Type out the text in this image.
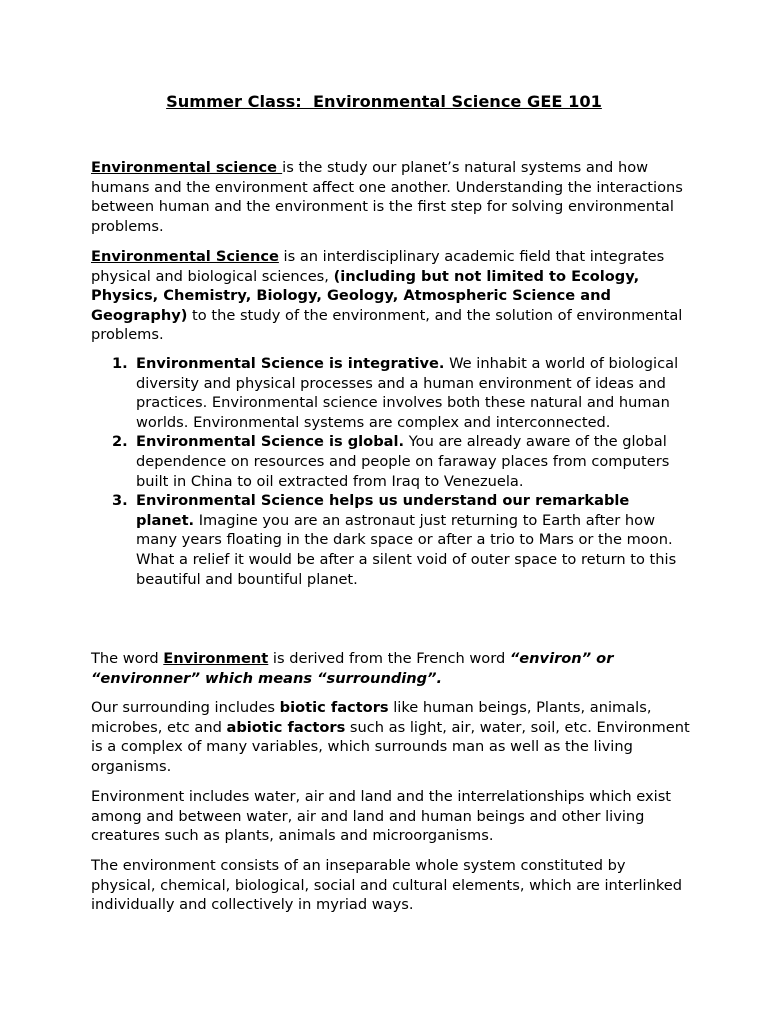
Summer Class:  Environmental Science GEE 101

Environmental science is the study our planet’s natural systems and how humans and the environment affect one another. Understanding the interactions between human and the environment is the first step for solving environmental problems.

Environmental Science is an interdisciplinary academic field that integrates physical and biological sciences, (including but not limited to Ecology, Physics, Chemistry, Biology, Geology, Atmospheric Science and Geography) to the study of the environment, and the solution of environmental problems.

1. Environmental Science is integrative. We inhabit a world of biological diversity and physical processes and a human environment of ideas and practices. Environmental science involves both these natural and human worlds. Environmental systems are complex and interconnected.
2. Environmental Science is global. You are already aware of the global dependence on resources and people on faraway places from computers built in China to oil extracted from Iraq to Venezuela.
3. Environmental Science helps us understand our remarkable planet. Imagine you are an astronaut just returning to Earth after how many years floating in the dark space or after a trio to Mars or the moon. What a relief it would be after a silent void of outer space to return to this beautiful and bountiful planet.

The word Environment is derived from the French word “environ” or “environner” which means “surrounding”.

Our surrounding includes biotic factors like human beings, Plants, animals, microbes, etc and abiotic factors such as light, air, water, soil, etc. Environment is a complex of many variables, which surrounds man as well as the living organisms.

Environment includes water, air and land and the interrelationships which exist among and between water, air and land and human beings and other living creatures such as plants, animals and microorganisms.

The environment consists of an inseparable whole system constituted by physical, chemical, biological, social and cultural elements, which are interlinked individually and collectively in myriad ways.
